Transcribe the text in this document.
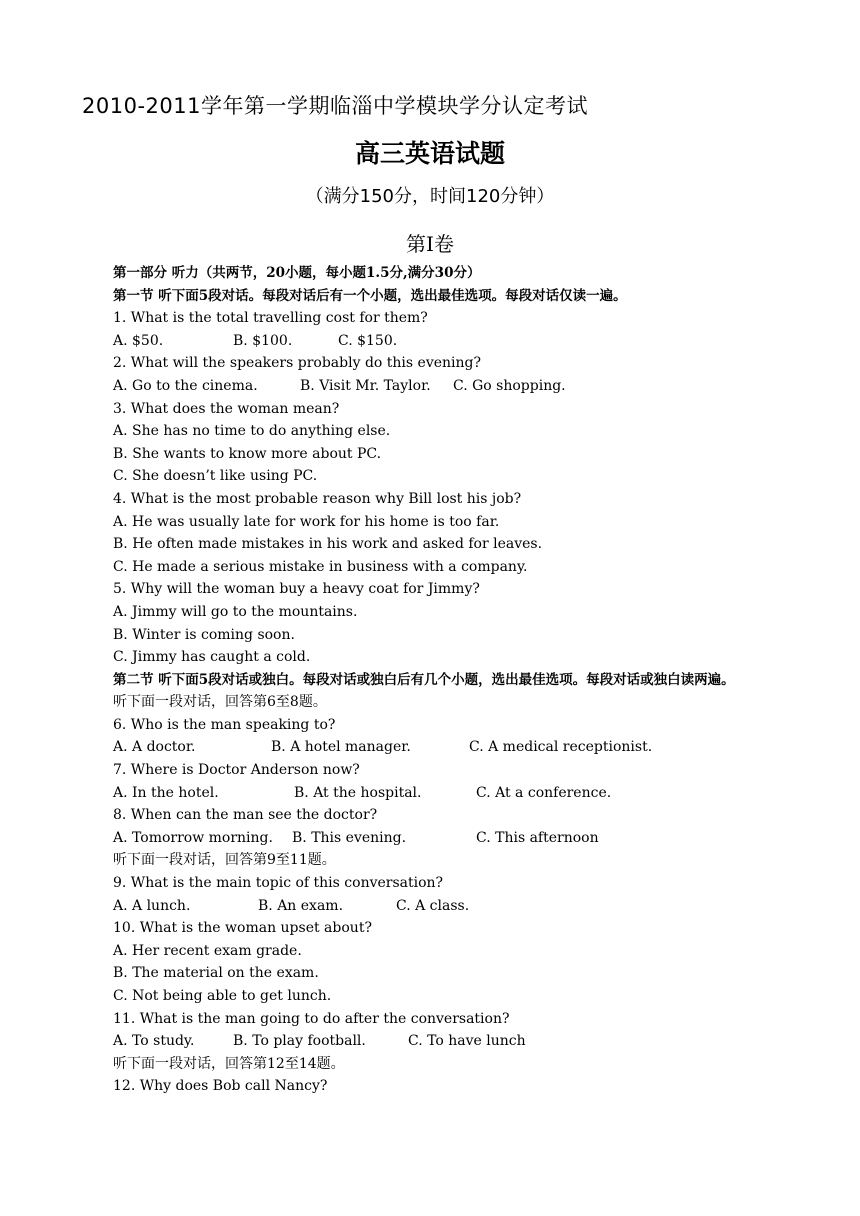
2010-2011学年第一学期临淄中学模块学分认定考试
高三英语试题
（满分150分，时间120分钟）
第Ⅰ卷
第一部分 听力（共两节，20小题，每小题1.5分,满分30分）
第一节 听下面5段对话。每段对话后有一个小题，选出最佳选项。每段对话仅读一遍。
1. What is the total travelling cost for them?
A. $50.	B. $100.	C. $150.
2. What will the speakers probably do this evening?
A. Go to the cinema.	B. Visit Mr. Taylor. C. Go shopping.
3. What does the woman mean?
A. She has no time to do anything else.
B. She wants to know more about PC.
C. She doesn’t like using PC.
4. What is the most probable reason why Bill lost his job?
A. He was usually late for work for his home is too far.
B. He often made mistakes in his work and asked for leaves.
C. He made a serious mistake in business with a company.
5. Why will the woman buy a heavy coat for Jimmy?
A. Jimmy will go to the mountains.
B. Winter is coming soon.
C. Jimmy has caught a cold.
第二节 听下面5段对话或独白。每段对话或独白后有几个小题，选出最佳选项。每段对话或独白读两遍。
听下面一段对话，回答第6至8题。
6. Who is the man speaking to?
A. A doctor.	B. A hotel manager.	C. A medical receptionist.
7. Where is Doctor Anderson now?
A. In the hotel.	B. At the hospital.	C. At a conference.
8. When can the man see the doctor?
A. Tomorrow morning. B. This evening.	C. This afternoon
听下面一段对话，回答第9至11题。
9. What is the main topic of this conversation?
A. A lunch.	B. An exam.	C. A class.
10. What is the woman upset about?
A. Her recent exam grade.
B. The material on the exam.
C. Not being able to get lunch.
11. What is the man going to do after the conversation?
A. To study.	B. To play football.	C. To have lunch
听下面一段对话，回答第12至14题。
12. Why does Bob call Nancy?
